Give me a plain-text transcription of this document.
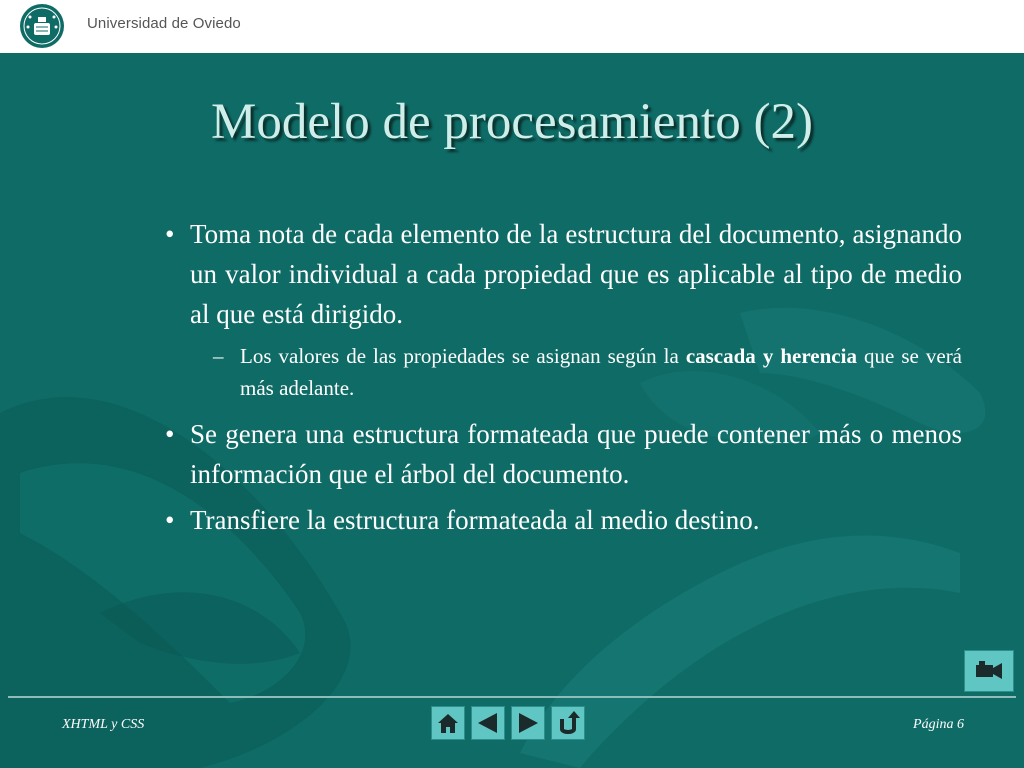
Universidad de Oviedo
Modelo de procesamiento (2)
• Toma nota de cada elemento de la estructura del documento, asignando un valor individual a cada propiedad que es aplicable al tipo de medio al que está dirigido.
– Los valores de las propiedades se asignan según la cascada y herencia que se verá más adelante.
• Se genera una estructura formateada que puede contener más o menos información que el árbol del documento.
• Transfiere la estructura formateada al medio destino.
XHTML y CSS	Página 6
